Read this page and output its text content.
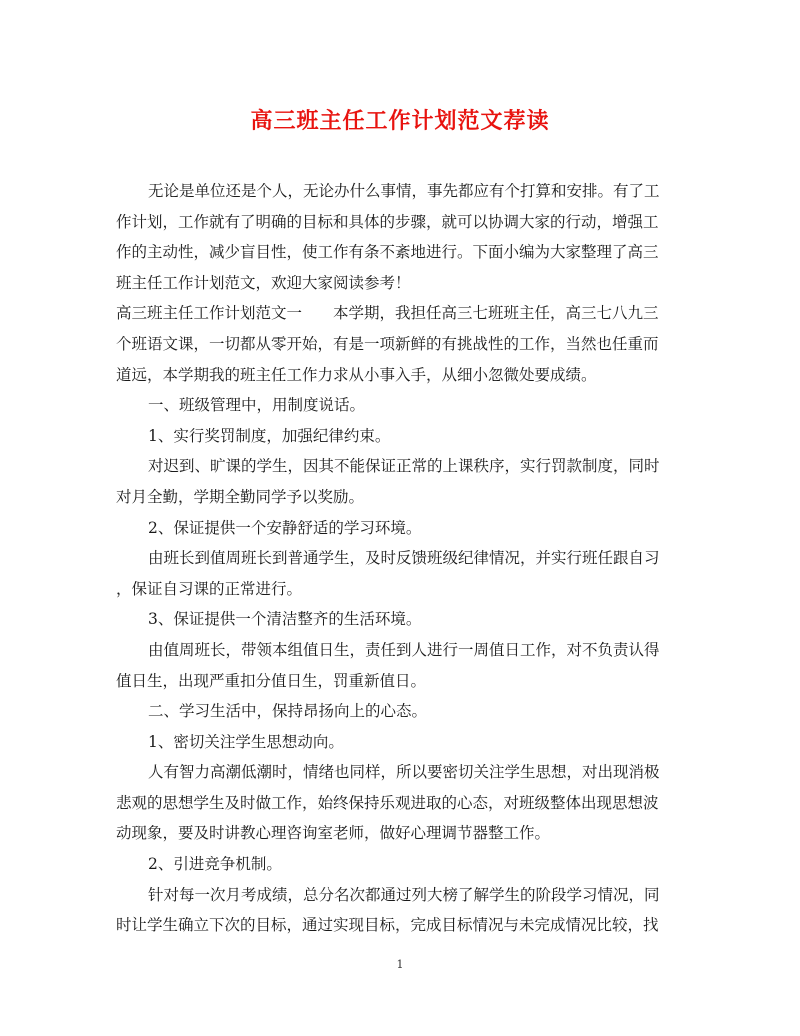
高三班主任工作计划范文荐读
无论是单位还是个人，无论办什么事情，事先都应有个打算和安排。有了工
作计划，工作就有了明确的目标和具体的步骤，就可以协调大家的行动，增强工
作的主动性，减少盲目性，使工作有条不紊地进行。下面小编为大家整理了高三
班主任工作计划范文，欢迎大家阅读参考！
高三班主任工作计划范文一　　本学期，我担任高三七班班主任，高三七八九三
个班语文课，一切都从零开始，有是一项新鲜的有挑战性的工作，当然也任重而
道远，本学期我的班主任工作力求从小事入手，从细小忽微处要成绩。
一、班级管理中，用制度说话。
1、实行奖罚制度，加强纪律约束。
对迟到、旷课的学生，因其不能保证正常的上课秩序，实行罚款制度，同时
对月全勤，学期全勤同学予以奖励。
2、保证提供一个安静舒适的学习环境。
由班长到值周班长到普通学生，及时反馈班级纪律情况，并实行班任跟自习
，保证自习课的正常进行。
3、保证提供一个清洁整齐的生活环境。
由值周班长，带领本组值日生，责任到人进行一周值日工作，对不负责认得
值日生，出现严重扣分值日生，罚重新值日。
二、学习生活中，保持昂扬向上的心态。
1、密切关注学生思想动向。
人有智力高潮低潮时，情绪也同样，所以要密切关注学生思想，对出现消极
悲观的思想学生及时做工作，始终保持乐观进取的心态，对班级整体出现思想波
动现象，要及时讲教心理咨询室老师，做好心理调节器整工作。
2、引进竞争机制。
针对每一次月考成绩，总分名次都通过列大榜了解学生的阶段学习情况，同
时让学生确立下次的目标，通过实现目标，完成目标情况与未完成情况比较，找
1
